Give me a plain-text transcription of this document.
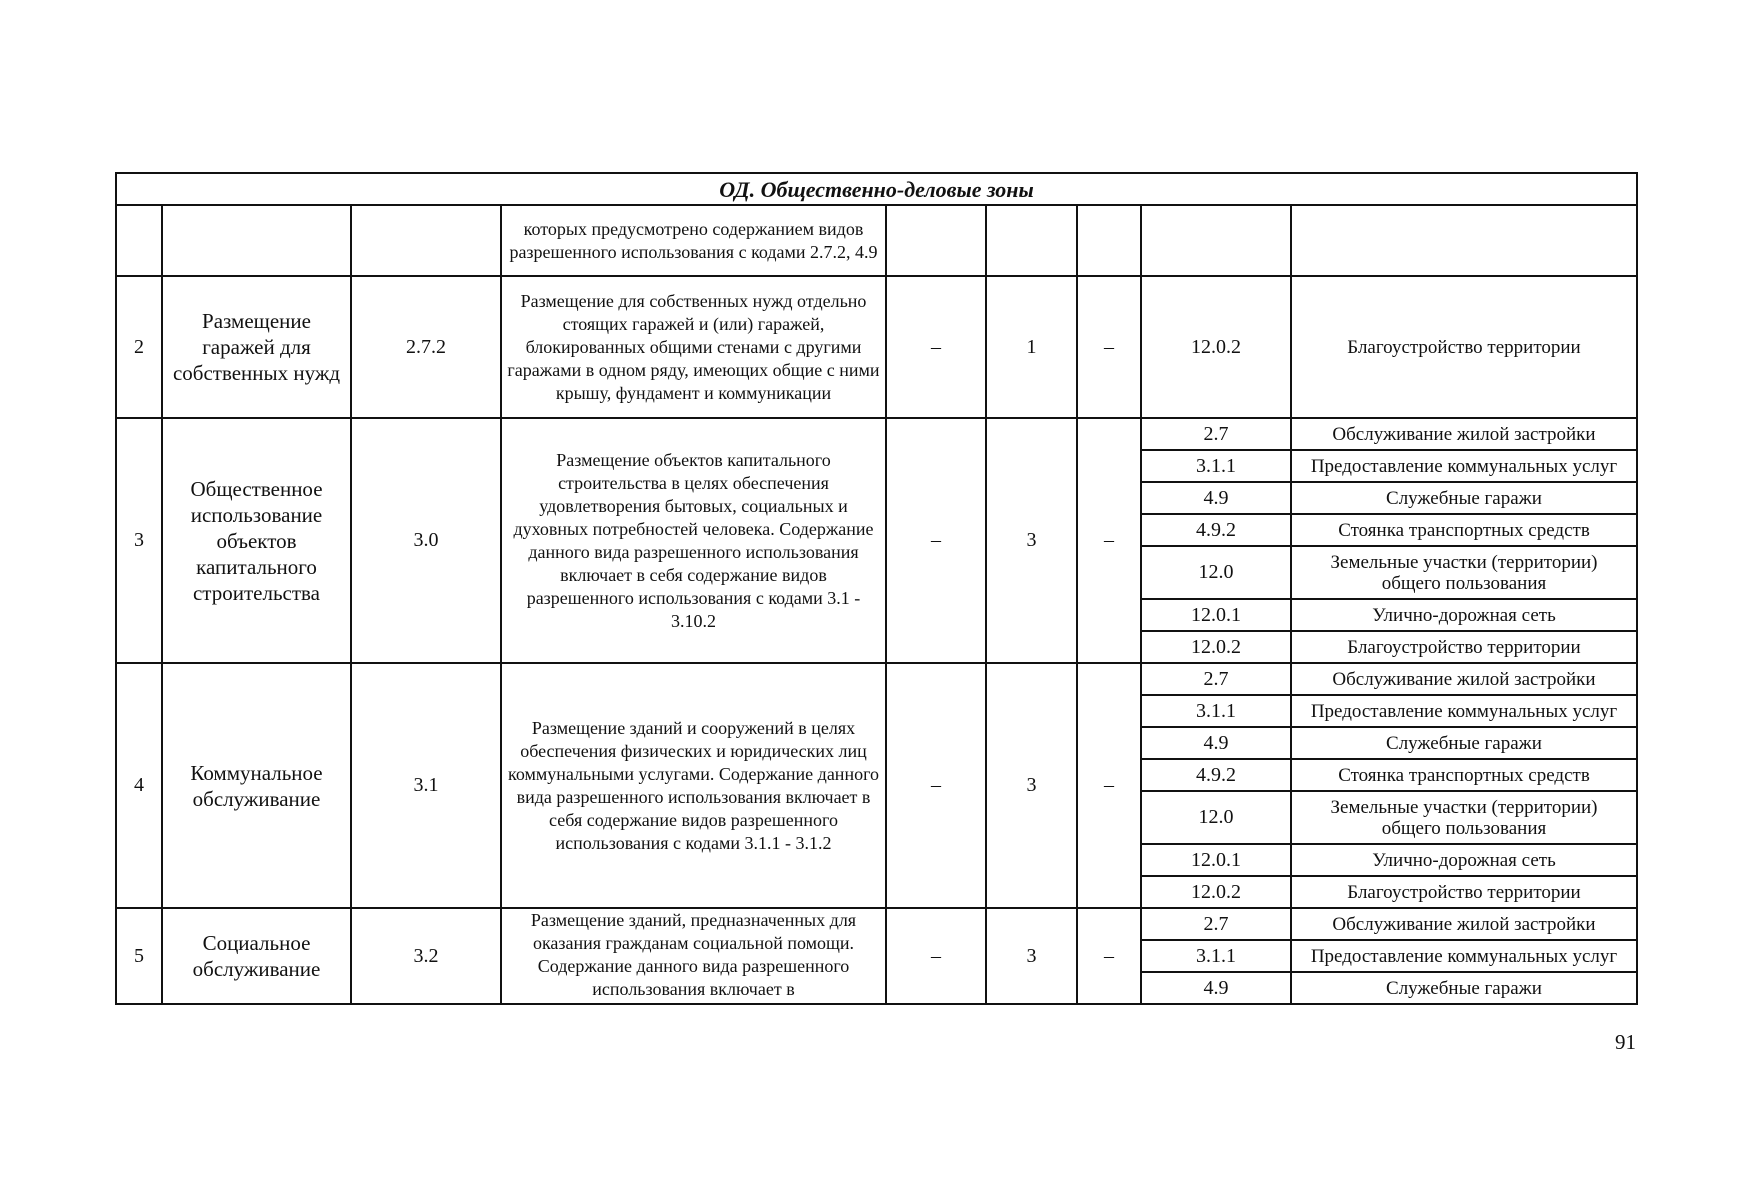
ОД. Общественно-деловые зоны								
			которых предусмотрено содержанием видов разрешенного использования с кодами 2.7.2, 4.9					
2	Размещение гаражей для собственных нужд	2.7.2	Размещение для собственных нужд отдельно стоящих гаражей и (или) гаражей, блокированных общими стенами с другими гаражами в одном ряду, имеющих общие с ними крышу, фундамент и коммуникации	–	1	–	12.0.2	Благоустройство территории
3	Общественное использование объектов капитального строительства	3.0	Размещение объектов капитального строительства в целях обеспечения удовлетворения бытовых, социальных и духовных потребностей человека. Содержание данного вида разрешенного использования включает в себя содержание видов разрешенного использования с кодами 3.1 - 3.10.2	–	3	–	2.7	Обслуживание жилой застройки
							3.1.1	Предоставление коммунальных услуг
							4.9	Служебные гаражи
							4.9.2	Стоянка транспортных средств
							12.0	Земельные участки (территории) общего пользования
							12.0.1	Улично-дорожная сеть
							12.0.2	Благоустройство территории
4	Коммунальное обслуживание	3.1	Размещение зданий и сооружений в целях обеспечения физических и юридических лиц коммунальными услугами. Содержание данного вида разрешенного использования включает в себя содержание видов разрешенного использования с кодами 3.1.1 - 3.1.2	–	3	–	2.7	Обслуживание жилой застройки
							3.1.1	Предоставление коммунальных услуг
							4.9	Служебные гаражи
							4.9.2	Стоянка транспортных средств
							12.0	Земельные участки (территории) общего пользования
							12.0.1	Улично-дорожная сеть
							12.0.2	Благоустройство территории
5	Социальное обслуживание	3.2	Размещение зданий, предназначенных для оказания гражданам социальной помощи. Содержание данного вида разрешенного использования включает в	–	3	–	2.7	Обслуживание жилой застройки
							3.1.1	Предоставление коммунальных услуг
							4.9	Служебные гаражи
91
